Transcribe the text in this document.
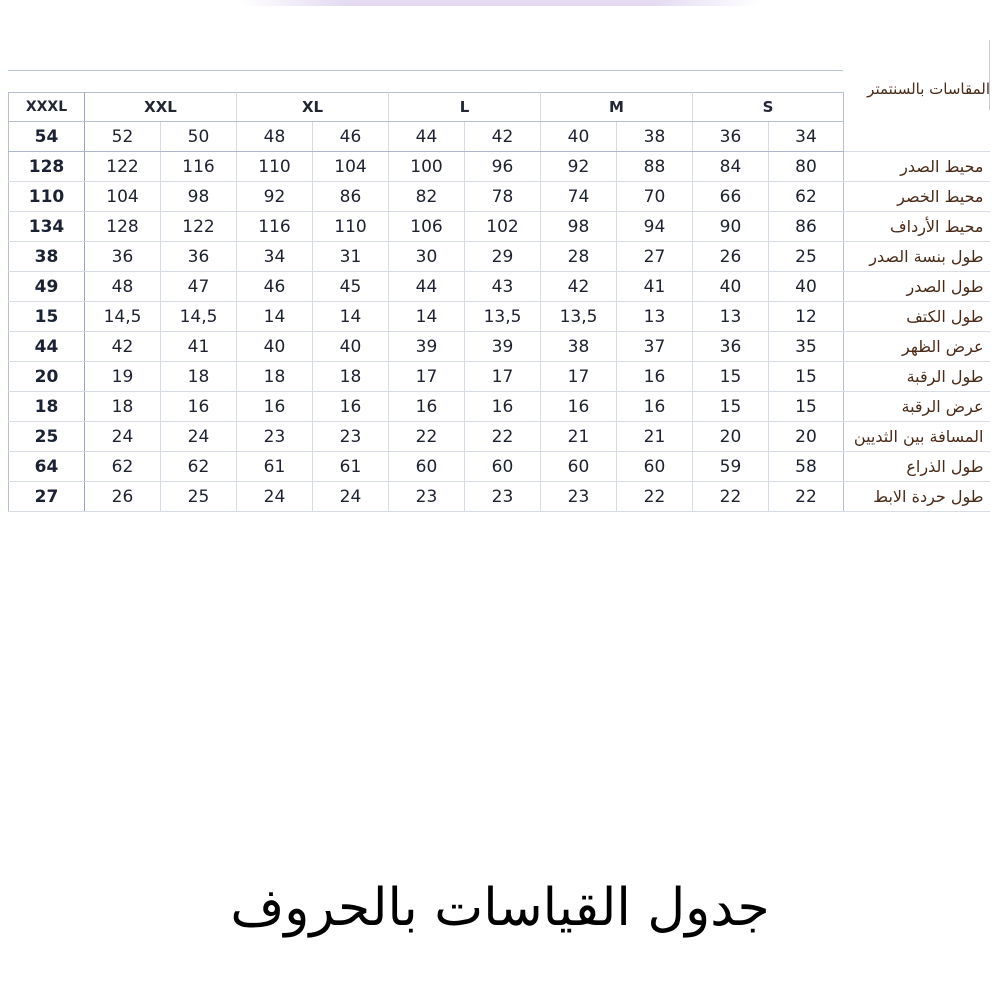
المقاسات بالسنتمتر
XXXL	XXL		XL		L		M		S		
54	52	50	48	46	44	42	40	38	36	34	
128	122	116	110	104	100	96	92	88	84	80	محيط الصدر
110	104	98	92	86	82	78	74	70	66	62	محيط الخصر
134	128	122	116	110	106	102	98	94	90	86	محيط الأرداف
38	36	36	34	31	30	29	28	27	26	25	طول بنسة الصدر
49	48	47	46	45	44	43	42	41	40	40	طول الصدر
15	14,5	14,5	14	14	14	13,5	13,5	13	13	12	طول الكتف
44	42	41	40	40	39	39	38	37	36	35	عرض الظهر
20	19	18	18	18	17	17	17	16	15	15	طول الرقبة
18	18	16	16	16	16	16	16	16	15	15	عرض الرقبة
25	24	24	23	23	22	22	21	21	20	20	المسافة بين الثديين
64	62	62	61	61	60	60	60	60	59	58	طول الذراع
27	26	25	24	24	23	23	23	22	22	22	طول حردة الابط
جدول القياسات بالحروف
